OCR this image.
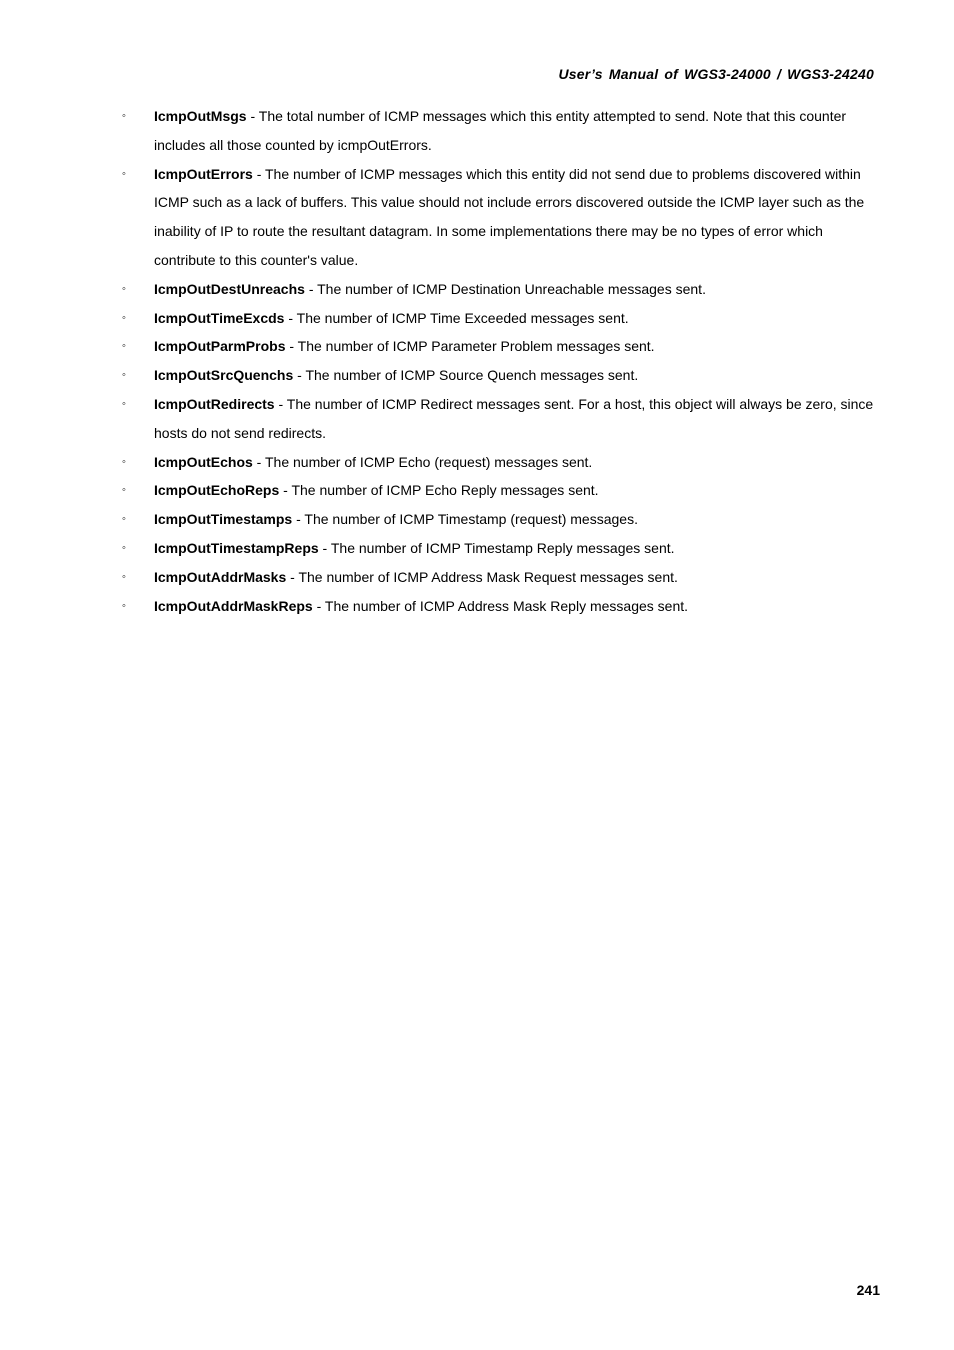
User’s Manual of WGS3-24000 / WGS3-24240
◦ IcmpOutMsgs - The total number of ICMP messages which this entity attempted to send. Note that this counter includes all those counted by icmpOutErrors.
◦ IcmpOutErrors - The number of ICMP messages which this entity did not send due to problems discovered within ICMP such as a lack of buffers. This value should not include errors discovered outside the ICMP layer such as the inability of IP to route the resultant datagram. In some implementations there may be no types of error which contribute to this counter's value.
◦ IcmpOutDestUnreachs - The number of ICMP Destination Unreachable messages sent.
◦ IcmpOutTimeExcds - The number of ICMP Time Exceeded messages sent.
◦ IcmpOutParmProbs - The number of ICMP Parameter Problem messages sent.
◦ IcmpOutSrcQuenchs - The number of ICMP Source Quench messages sent.
◦ IcmpOutRedirects - The number of ICMP Redirect messages sent. For a host, this object will always be zero, since hosts do not send redirects.
◦ IcmpOutEchos - The number of ICMP Echo (request) messages sent.
◦ IcmpOutEchoReps - The number of ICMP Echo Reply messages sent.
◦ IcmpOutTimestamps - The number of ICMP Timestamp (request) messages.
◦ IcmpOutTimestampReps - The number of ICMP Timestamp Reply messages sent.
◦ IcmpOutAddrMasks - The number of ICMP Address Mask Request messages sent.
◦ IcmpOutAddrMaskReps - The number of ICMP Address Mask Reply messages sent.
241
